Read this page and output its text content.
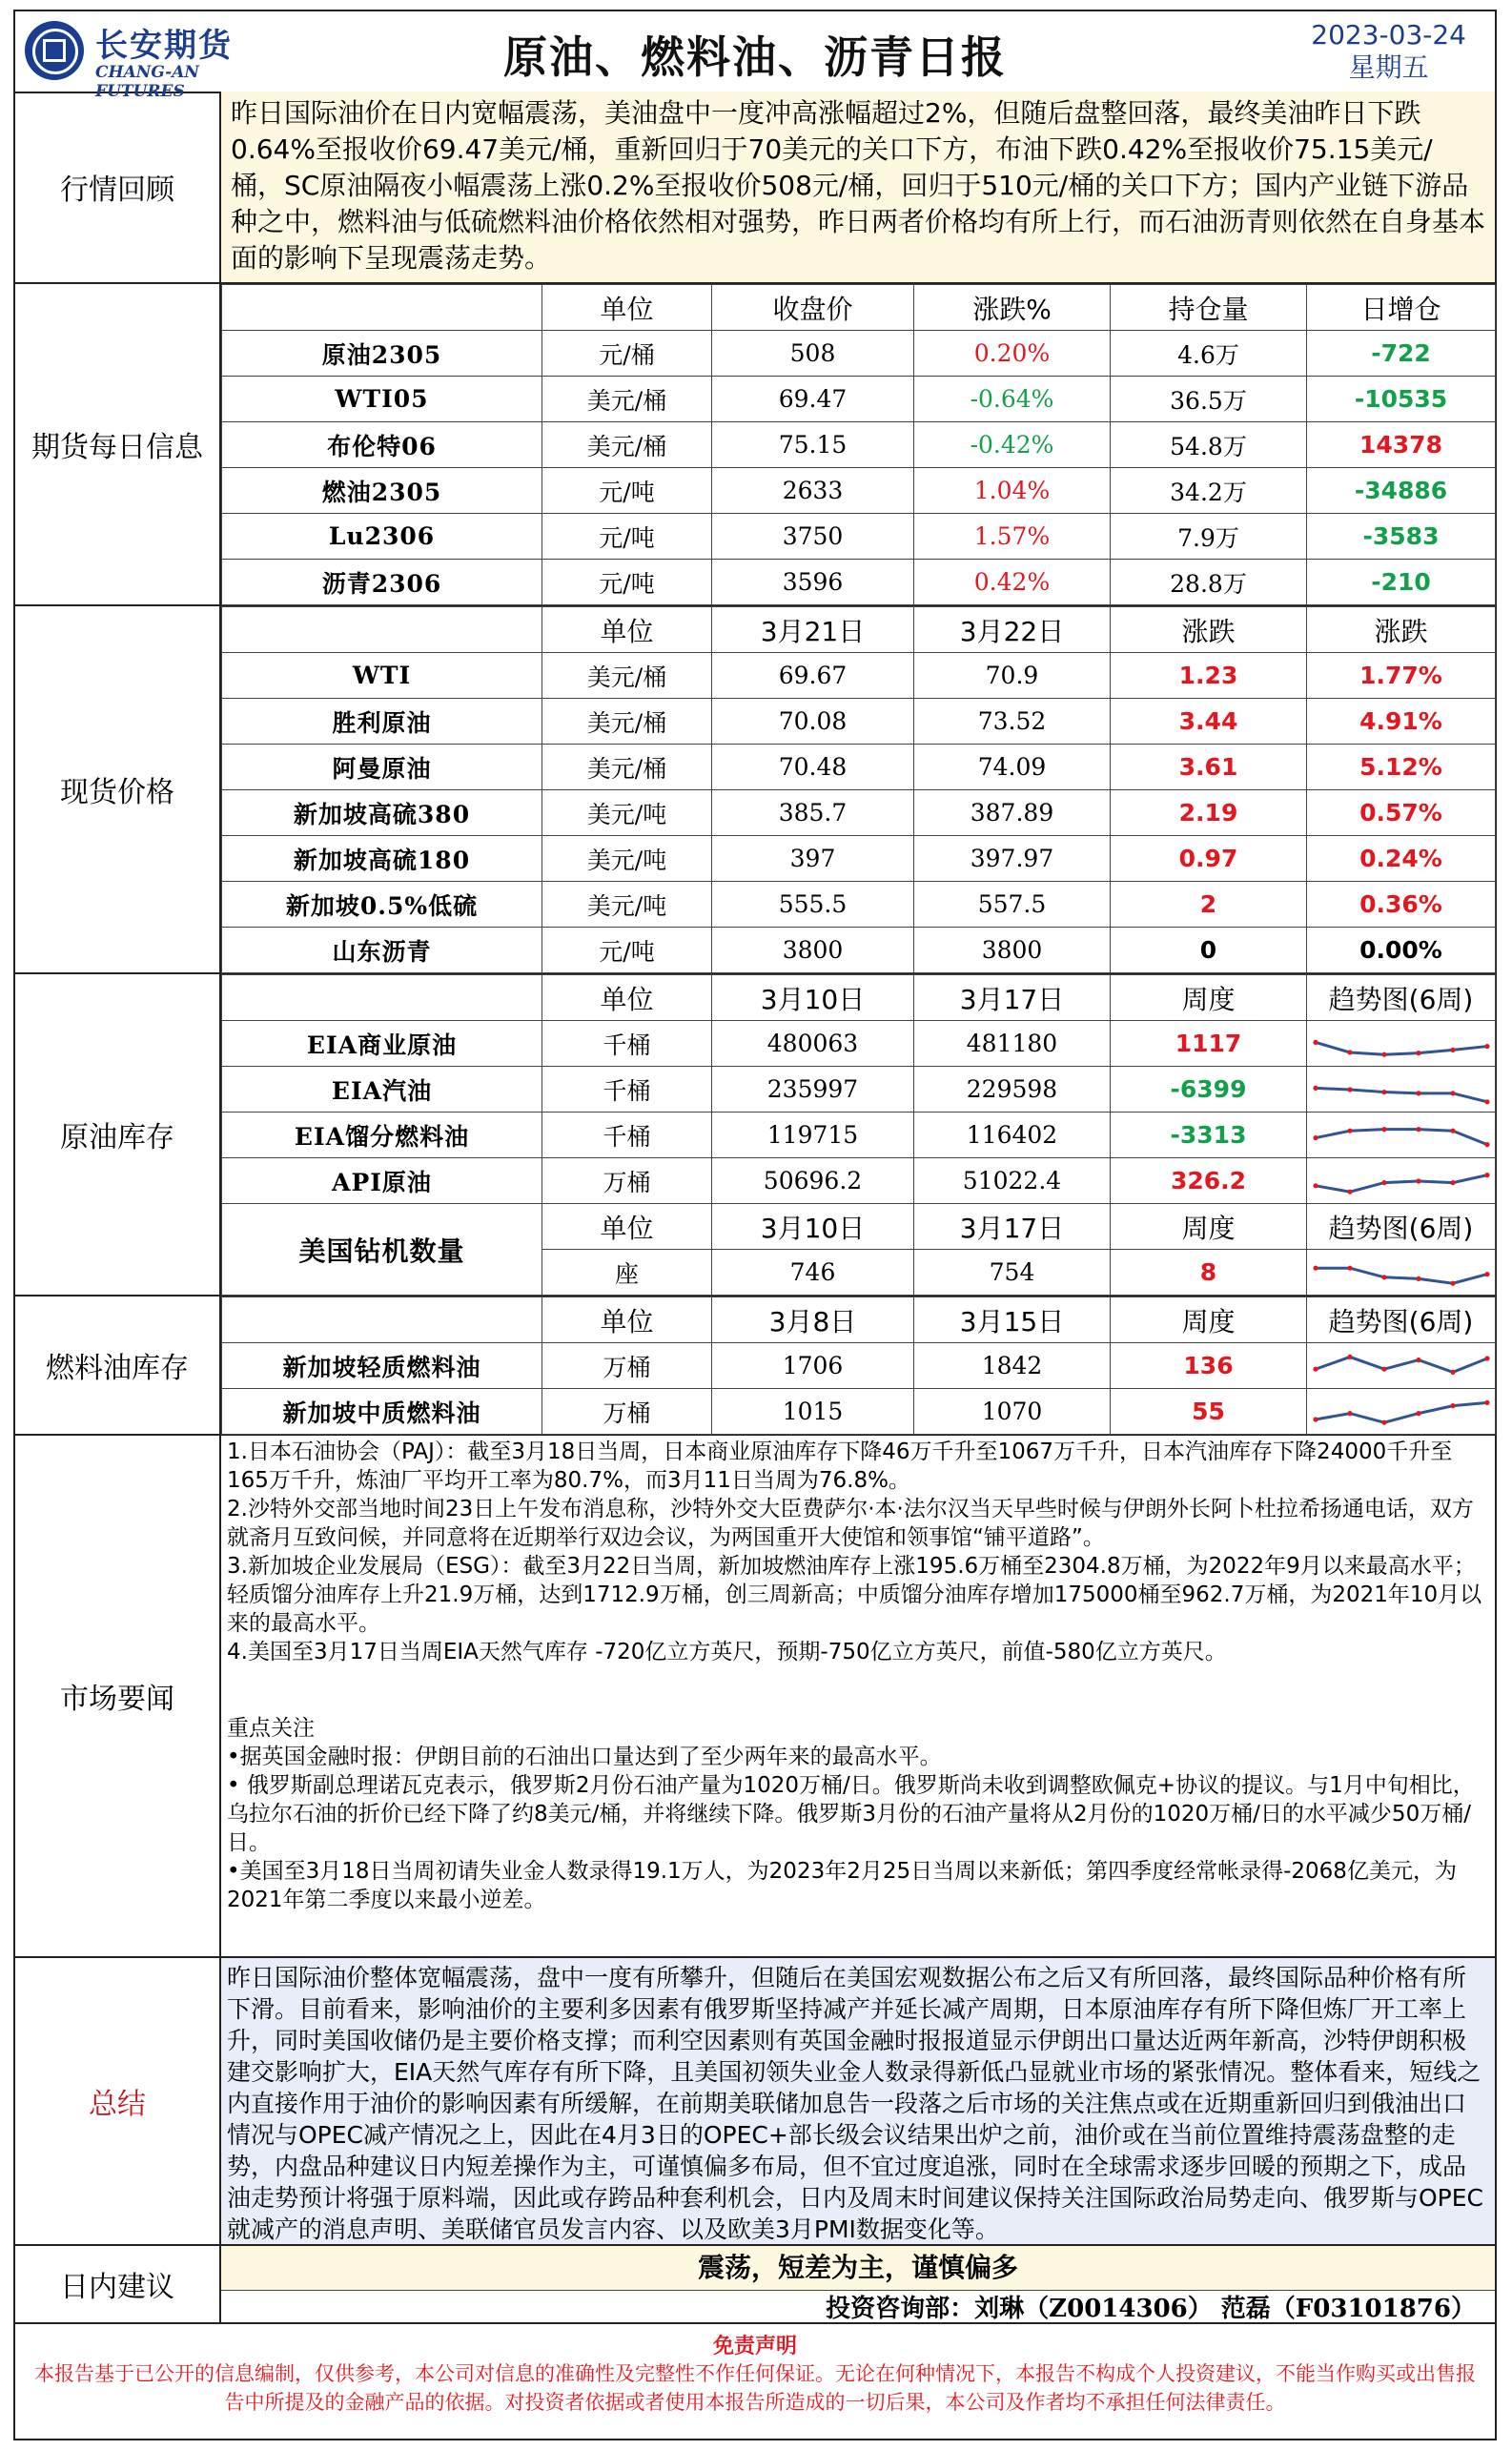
长安期货
CHANG-AN FUTURES
原油、燃料油、沥青日报	2023-03-24
星期五
行情回顾
昨日国际油价在日内宽幅震荡，美油盘中一度冲高涨幅超过2%，但随后盘整回落，最终美油昨日下跌0.64%至报收价69.47美元/桶，重新回归于70美元的关口下方，布油下跌0.42%至报收价75.15美元/桶，SC原油隔夜小幅震荡上涨0.2%至报收价508元/桶，回归于510元/桶的关口下方；国内产业链下游品种之中，燃料油与低硫燃料油价格依然相对强势，昨日两者价格均有所上行，而石油沥青则依然在自身基本面的影响下呈现震荡走势。
期货每日信息
	单位	收盘价	涨跌%	持仓量	日增仓
原油2305	元/桶	508	0.20%	4.6万	-722
WTI05	美元/桶	69.47	-0.64%	36.5万	-10535
布伦特06	美元/桶	75.15	-0.42%	54.8万	14378
燃油2305	元/吨	2633	1.04%	34.2万	-34886
Lu2306	元/吨	3750	1.57%	7.9万	-3583
沥青2306	元/吨	3596	0.42%	28.8万	-210
现货价格
	单位	3月21日	3月22日	涨跌	涨跌
WTI	美元/桶	69.67	70.9	1.23	1.77%
胜利原油	美元/桶	70.08	73.52	3.44	4.91%
阿曼原油	美元/桶	70.48	74.09	3.61	5.12%
新加坡高硫380	美元/吨	385.7	387.89	2.19	0.57%
新加坡高硫180	美元/吨	397	397.97	0.97	0.24%
新加坡0.5%低硫	美元/吨	555.5	557.5	2	0.36%
山东沥青	元/吨	3800	3800	0	0.00%
原油库存
	单位	3月10日	3月17日	周度	趋势图(6周)
EIA商业原油	千桶	480063	481180	1117	

EIA汽油	千桶	235997	229598	-6399	

EIA馏分燃料油	千桶	119715	116402	-3313	

API原油	万桶	50696.2	51022.4	326.2	

美国钻机数量	单位	3月10日	3月17日	周度	趋势图(6周)
	座	746	754	8	
燃料油库存
	单位	3月8日	3月15日	周度	趋势图(6周)
新加坡轻质燃料油	万桶	1706	1842	136	

新加坡中质燃料油	万桶	1015	1070	55	
市场要闻

1.日本石油协会（PAJ）：截至3月18日当周，日本商业原油库存下降46万千升至1067万千升，日本汽油库存下降24000千升至165万千升，炼油厂平均开工率为80.7%，而3月11日当周为76.8%。

2.沙特外交部当地时间23日上午发布消息称，沙特外交大臣费萨尔·本·法尔汉当天早些时候与伊朗外长阿卜杜拉希扬通电话，双方就斋月互致问候，并同意将在近期举行双边会议，为两国重开大使馆和领事馆“铺平道路”。

3.新加坡企业发展局（ESG）：截至3月22日当周，新加坡燃油库存上涨195.6万桶至2304.8万桶，为2022年9月以来最高水平；轻质馏分油库存上升21.9万桶，达到1712.9万桶，创三周新高；中质馏分油库存增加175000桶至962.7万桶，为2021年10月以来的最高水平。

4.美国至3月17日当周EIA天然气库存 -720亿立方英尺，预期-750亿立方英尺，前值-580亿立方英尺。

重点关注

•据英国金融时报：伊朗目前的石油出口量达到了至少两年来的最高水平。

• 俄罗斯副总理诺瓦克表示，俄罗斯2月份石油产量为1020万桶/日。俄罗斯尚未收到调整欧佩克+协议的提议。与1月中旬相比，乌拉尔石油的折价已经下降了约8美元/桶，并将继续下降。俄罗斯3月份的石油产量将从2月份的1020万桶/日的水平减少50万桶/日。

•美国至3月18日当周初请失业金人数录得19.1万人，为2023年2月25日当周以来新低；第四季度经常帐录得-2068亿美元，为2021年第二季度以来最小逆差。

总结
昨日国际油价整体宽幅震荡，盘中一度有所攀升，但随后在美国宏观数据公布之后又有所回落，最终国际品种价格有所下滑。目前看来，影响油价的主要利多因素有俄罗斯坚持减产并延长减产周期，日本原油库存有所下降但炼厂开工率上升，同时美国收储仍是主要价格支撑；而利空因素则有英国金融时报报道显示伊朗出口量达近两年新高，沙特伊朗积极建交影响扩大，EIA天然气库存有所下降，且美国初领失业金人数录得新低凸显就业市场的紧张情况。整体看来，短线之内直接作用于油价的影响因素有所缓解，在前期美联储加息告一段落之后市场的关注焦点或在近期重新回归到俄油出口情况与OPEC减产情况之上，因此在4月3日的OPEC+部长级会议结果出炉之前，油价或在当前位置维持震荡盘整的走势，内盘品种建议日内短差操作为主，可谨慎偏多布局，但不宜过度追涨，同时在全球需求逐步回暖的预期之下，成品油走势预计将强于原料端，因此或存跨品种套利机会，日内及周末时间建议保持关注国际政治局势走向、俄罗斯与OPEC就减产的消息声明、美联储官员发言内容、以及欧美3月PMI数据变化等。
日内建议
震荡，短差为主，谨慎偏多
投资咨询部：刘琳（Z0014306） 范磊（F03101876）
免责声明
本报告基于已公开的信息编制，仅供参考，本公司对信息的准确性及完整性不作任何保证。无论在何种情况下，本报告不构成个人投资建议，不能当作购买或出售报告中所提及的金融产品的依据。对投资者依据或者使用本报告所造成的一切后果，本公司及作者均不承担任何法律责任。
